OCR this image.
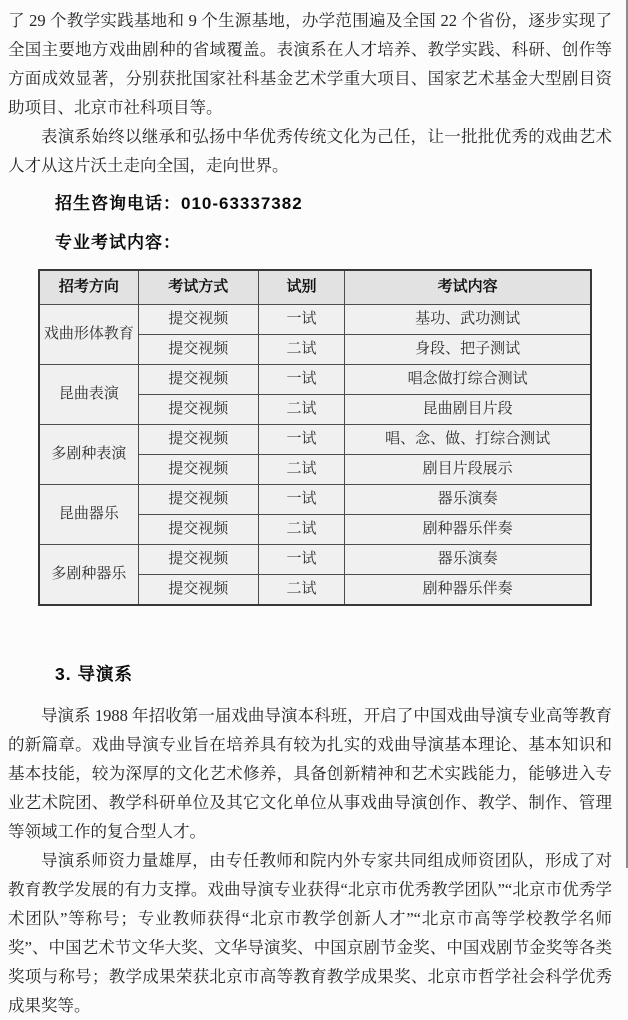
了 29 个教学实践基地和 9 个生源基地，办学范围遍及全国 22 个省份，逐步实现了全国主要地方戏曲剧种的省域覆盖。表演系在人才培养、教学实践、科研、创作等方面成效显著，分别获批国家社科基金艺术学重大项目、国家艺术基金大型剧目资助项目、北京市社科项目等。

表演系始终以继承和弘扬中华优秀传统文化为己任，让一批批优秀的戏曲艺术人才从这片沃土走向全国，走向世界。

招生咨询电话：010-63337382
专业考试内容：
招考方向	考试方式	试别	考试内容
戏曲形体教育	提交视频	一试	基功、武功测试
	提交视频	二试	身段、把子测试
昆曲表演	提交视频	一试	唱念做打综合测试
	提交视频	二试	昆曲剧目片段
多剧种表演	提交视频	一试	唱、念、做、打综合测试
	提交视频	二试	剧目片段展示
昆曲器乐	提交视频	一试	器乐演奏
	提交视频	二试	剧种器乐伴奏
多剧种器乐	提交视频	一试	器乐演奏
	提交视频	二试	剧种器乐伴奏
3. 导演系

导演系 1988 年招收第一届戏曲导演本科班，开启了中国戏曲导演专业高等教育的新篇章。戏曲导演专业旨在培养具有较为扎实的戏曲导演基本理论、基本知识和基本技能，较为深厚的文化艺术修养，具备创新精神和艺术实践能力，能够进入专业艺术院团、教学科研单位及其它文化单位从事戏曲导演创作、教学、制作、管理等领域工作的复合型人才。

导演系师资力量雄厚，由专任教师和院内外专家共同组成师资团队，形成了对教育教学发展的有力支撑。戏曲导演专业获得“北京市优秀教学团队”“北京市优秀学术团队”等称号；专业教师获得“北京市教学创新人才”“北京市高等学校教学名师奖”、中国艺术节文华大奖、文华导演奖、中国京剧节金奖、中国戏剧节金奖等各类奖项与称号；教学成果荣获北京市高等教育教学成果奖、北京市哲学社会科学优秀成果奖等。
